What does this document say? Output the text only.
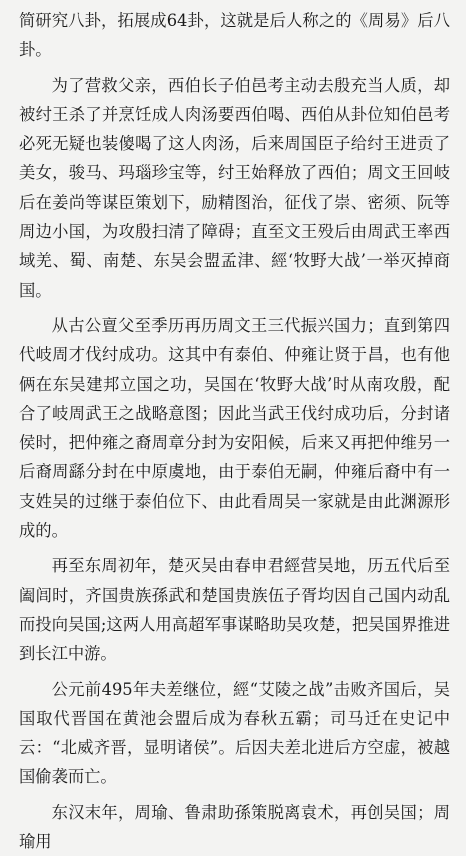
简研究八卦，拓展成64卦，这就是后人称之的《周易》后八卦。

为了营救父亲，西伯长子伯邑考主动去殷充当人质，却被纣王杀了并烹饪成人肉汤要西伯喝、西伯从卦位知伯邑考必死无疑也装傻喝了这人肉汤，后来周国臣子给纣王进贡了美女，骏马、玛瑙珍宝等，纣王始释放了西伯；周文王回岐后在姜尚等谋臣策划下，励精图治，征伐了崇、密须、阮等周边小国，为攻殷扫清了障碍；直至文王殁后由周武王率西域羌、蜀、南楚、东吴会盟孟津、經‘牧野大战’一举灭掉商国。

从古公亶父至季历再历周文王三代振兴国力；直到第四代岐周才伐纣成功。这其中有泰伯、仲雍让贤于昌，也有他俩在东吴建邦立国之功，吴国在‘牧野大战’时从南攻殷，配合了岐周武王之战略意图；因此当武王伐纣成功后，分封诸侯时，把仲雍之裔周章分封为安阳候，后来又再把仲维另一后裔周繇分封在中原虞地，由于泰伯无嗣，仲雍后裔中有一支姓吴的过继于泰伯位下、由此看周吴一家就是由此渊源形成的。

再至东周初年，楚灭吴由春申君經营吴地，历五代后至阖闾时，齐国贵族孫武和楚国贵族伍子胥均因自己国内动乱而投向吴国;这两人用高超军事谋略助吴攻楚，把吴国界推进到长江中游。

公元前495年夫差继位，經“艾陵之战”击败齐国后，吴国取代晋国在黄池会盟后成为春秋五霸；司马迁在史记中云：“北威齐晋，显明诸侯”。后因夫差北进后方空虚，被越国偷袭而亡。

东汉末年，周瑜、鲁肃助孫策脱离袁术，再创吴国；周瑜用
